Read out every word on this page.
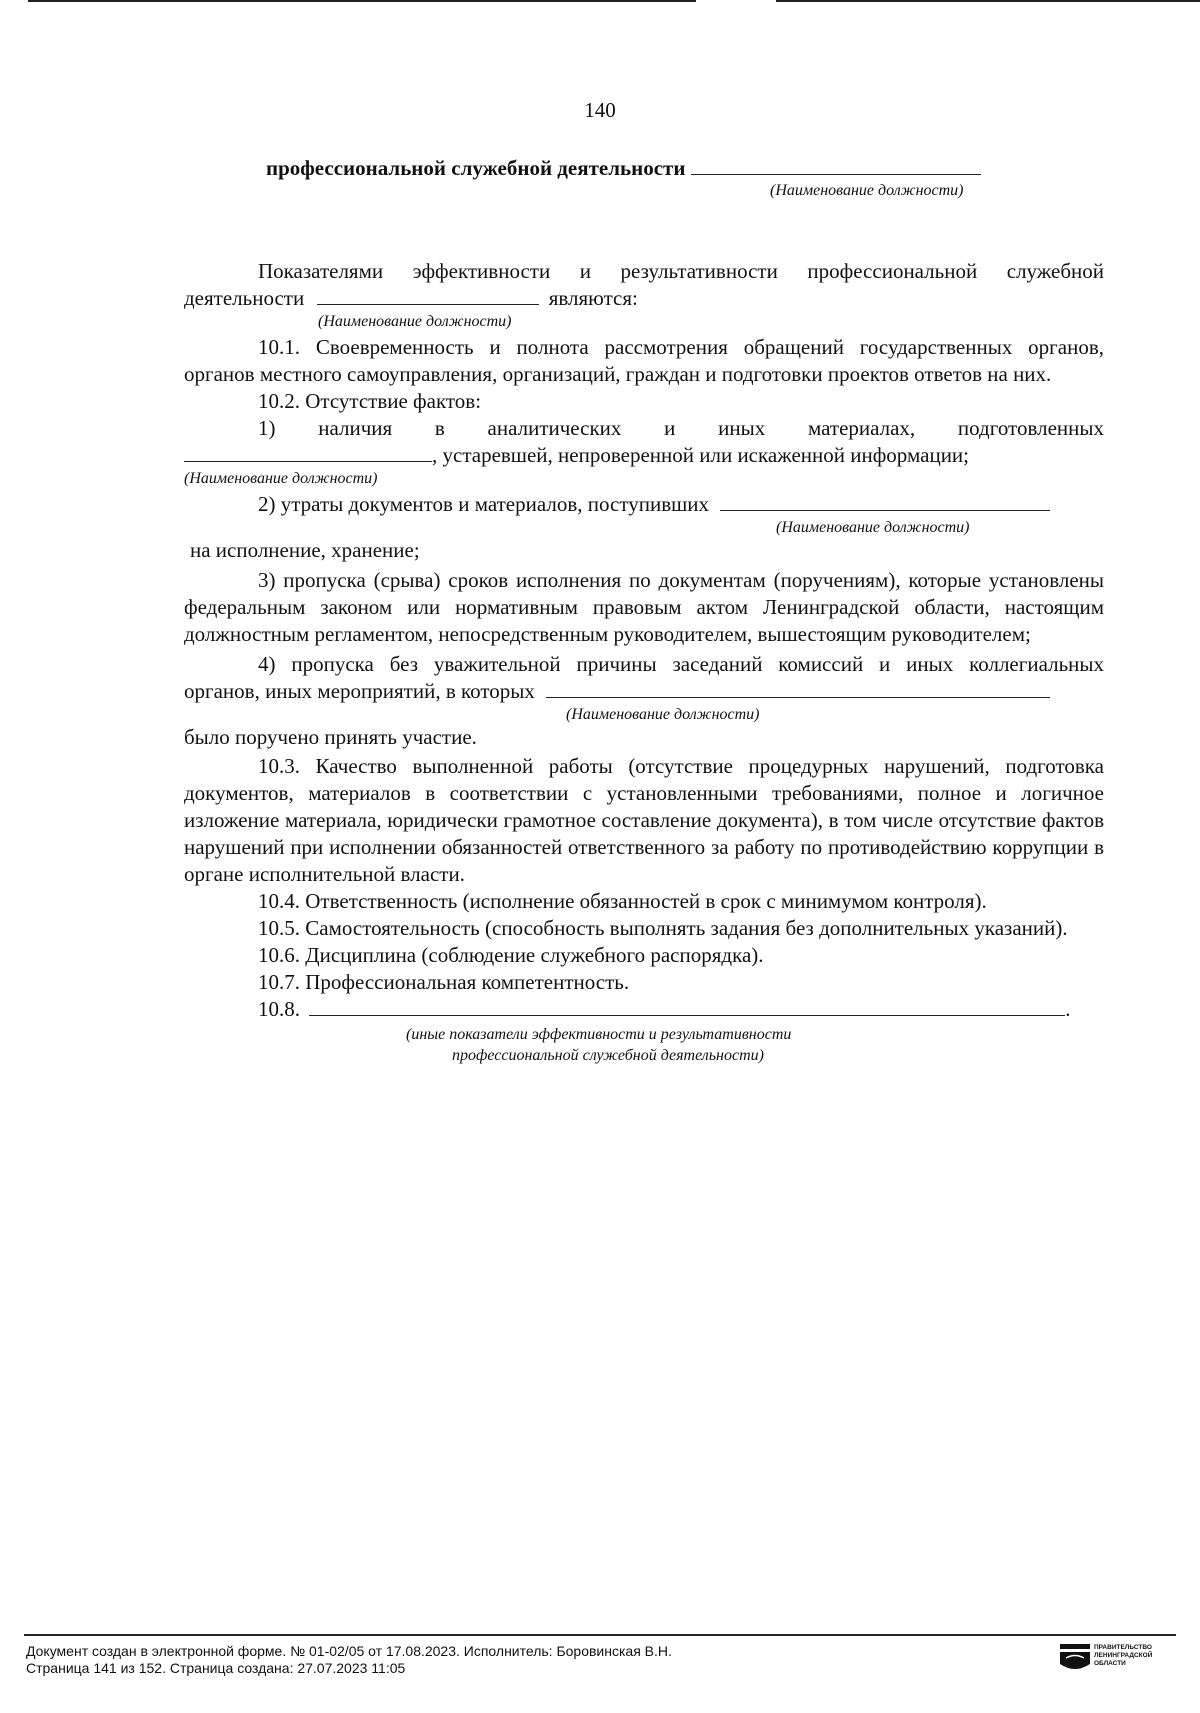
140
профессиональной служебной деятельности
(Наименование должности)

Показателями эффективности и результативности профессиональной служебной

деятельности	являются:

(Наименование должности)

10.1. Своевременность и полнота рассмотрения обращений государственных органов, органов местного самоуправления, организаций, граждан и подготовки проектов ответов на них.

10.2. Отсутствие фактов:

1) наличия в аналитических и иных материалах, подготовленных

, устаревшей, непроверенной или искаженной информации;

(Наименование должности)

2) утраты документов и материалов, поступивших

(Наименование должности)

на исполнение, хранение;

3) пропуска (срыва) сроков исполнения по документам (поручениям), которые установлены федеральным законом или нормативным правовым актом Ленинградской области, настоящим должностным регламентом, непосредственным руководителем, вышестоящим руководителем;

4) пропуска без уважительной причины заседаний комиссий и иных коллегиальных

органов, иных мероприятий, в которых

(Наименование должности)

было поручено принять участие.

10.3. Качество выполненной работы (отсутствие процедурных нарушений, подготовка документов, материалов в соответствии с установленными требованиями, полное и логичное изложение материала, юридически грамотное составление документа), в том числе отсутствие фактов нарушений при исполнении обязанностей ответственного за работу по противодействию коррупции в органе исполнительной власти.

10.4. Ответственность (исполнение обязанностей в срок с минимумом контроля).

10.5. Самостоятельность (способность выполнять задания без дополнительных указаний).

10.6. Дисциплина (соблюдение служебного распорядка).

10.7. Профессиональная компетентность.

10.8.	.

(иные показатели эффективности и результативности
профессиональной служебной деятельности)
Документ создан в электронной форме. № 01-02/05 от 17.08.2023. Исполнитель: Боровинская В.Н.
Страница 141 из 152. Страница создана: 27.07.2023 11:05
ПРАВИТЕЛЬСТВО
ЛЕНИНГРАДСКОЙ
ОБЛАСТИ
